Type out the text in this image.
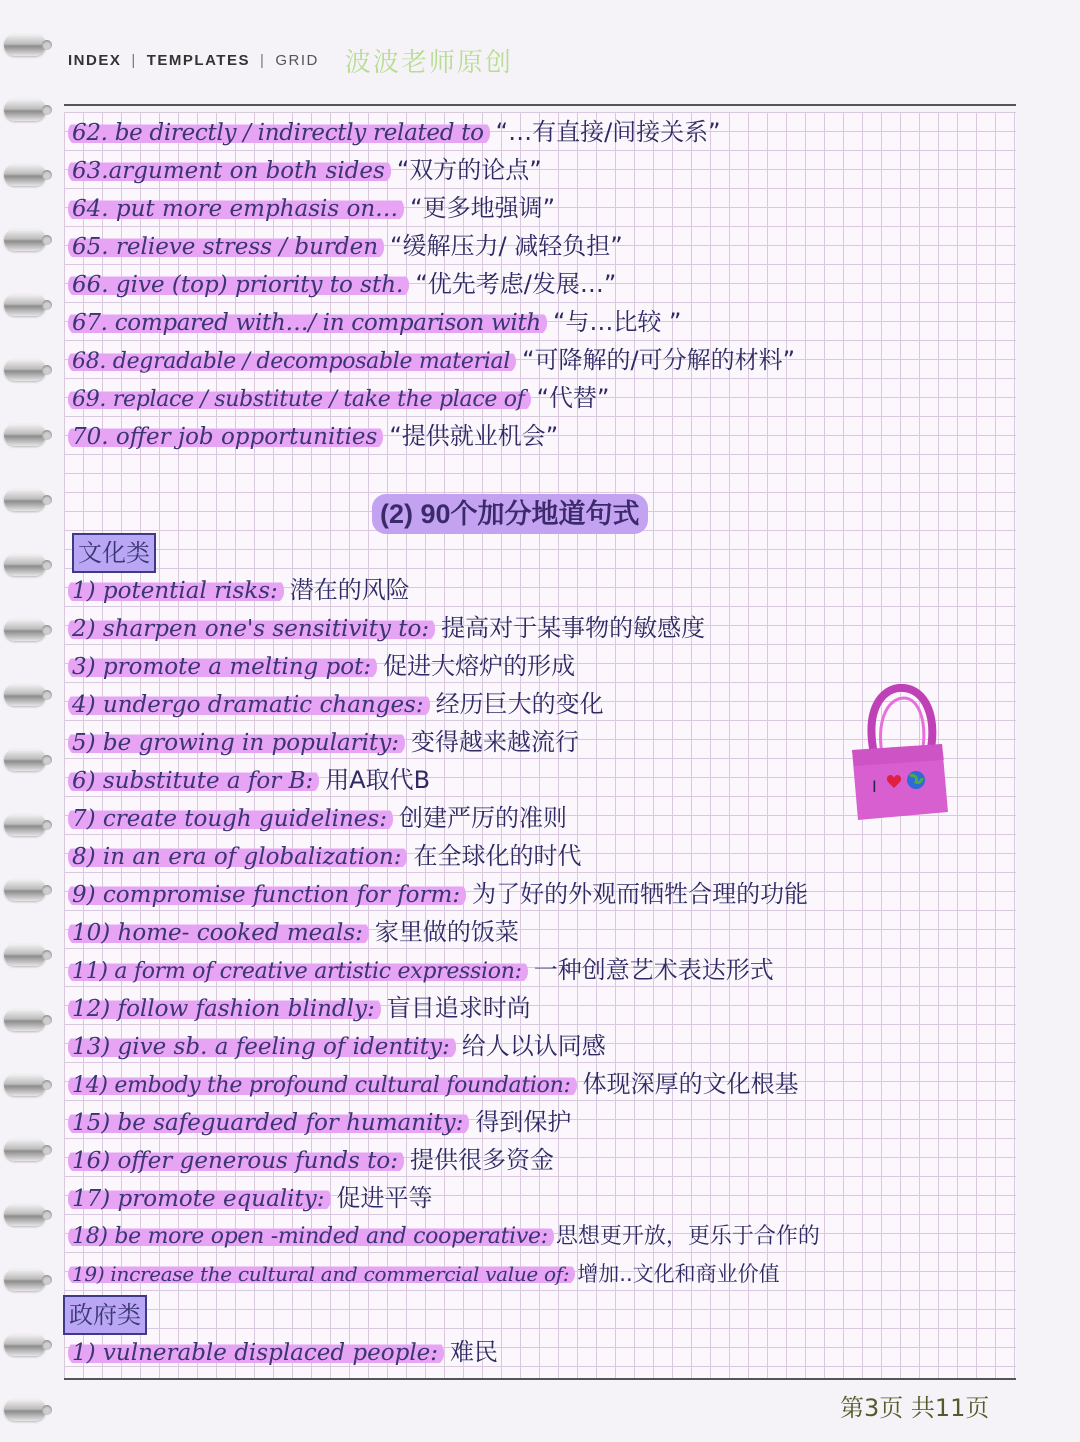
INDEX | TEMPLATES | GRID 波波老师原创
62. be directly / indirectly related to “…有直接/间接关系”
63.argument on both sides “双方的论点”
64. put more emphasis on… “更多地强调”
65. relieve stress / burden “缓解压力/ 减轻负担”
66. give (top) priority to sth. “优先考虑/发展…”
67. compared with…/ in comparison with “与…比较 ”
68. degradable / decomposable material “可降解的/可分解的材料”
69. replace / substitute / take the place of “代替”
70. offer job opportunities “提供就业机会”
(2) 90个加分地道句式
文化类
1) potential risks: 潜在的风险
2) sharpen one's sensitivity to: 提高对于某事物的敏感度
3) promote a melting pot: 促进大熔炉的形成
4) undergo dramatic changes: 经历巨大的变化
5) be growing in popularity: 变得越来越流行
6) substitute a for B: 用A取代B
7) create tough guidelines: 创建严厉的准则
8) in an era of globalization: 在全球化的时代
9) compromise function for form: 为了好的外观而牺牲合理的功能
10) home- cooked meals: 家里做的饭菜
11) a form of creative artistic expression: 一种创意艺术表达形式
12) follow fashion blindly: 盲目追求时尚
13) give sb. a feeling of identity: 给人以认同感
14) embody the profound cultural foundation: 体现深厚的文化根基
15) be safeguarded for humanity: 得到保护
16) offer generous funds to: 提供很多资金
17) promote equality: 促进平等
18) be more open -minded and cooperative: 思想更开放，更乐于合作的
19) increase the cultural and commercial value of: 增加..文化和商业价值
政府类
1) vulnerable displaced people: 难民
I
第3页 共11页
